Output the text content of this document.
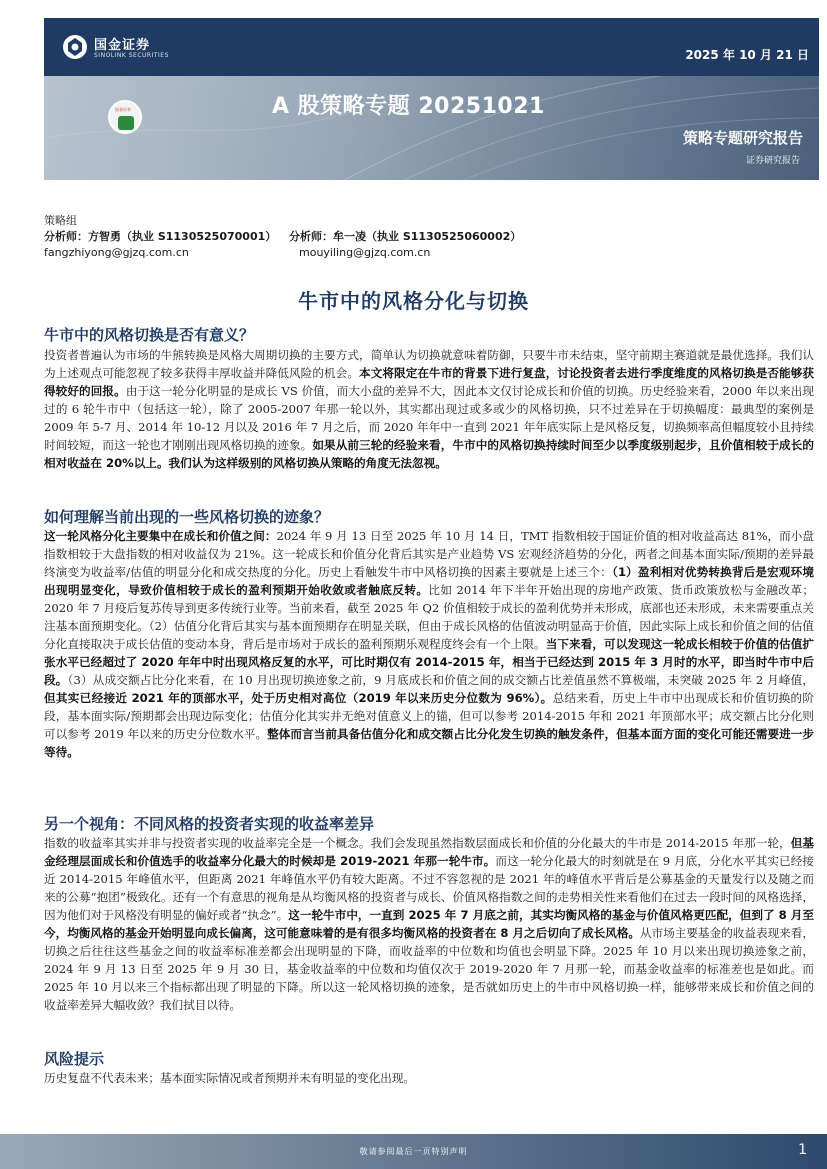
国金证券
SINOLINK SECURITIES	2025 年 10 月 21 日
A 股策略专题 20251021
国金证券
策略专题研究报告
证券研究报告
策略组
分析师：方智勇（执业 S1130525070001） 分析师：牟一凌（执业 S1130525060002）
fangzhiyong@gjzq.com.cn	mouyiling@gjzq.com.cn
牛市中的风格分化与切换
牛市中的风格切换是否有意义？
投资者普遍认为市场的牛熊转换是风格大周期切换的主要方式，简单认为切换就意味着防御，只要牛市未结束，坚守前期主赛道就是最优选择。我们认为上述观点可能忽视了较多获得丰厚收益并降低风险的机会。本文将限定在牛市的背景下进行复盘，讨论投资者去进行季度维度的风格切换是否能够获得较好的回报。由于这一轮分化明显的是成长 VS 价值，而大小盘的差异不大，因此本文仅讨论成长和价值的切换。历史经验来看，2000 年以来出现过的 6 轮牛市中（包括这一轮），除了 2005-2007 年那一轮以外，其实都出现过或多或少的风格切换，只不过差异在于切换幅度：最典型的案例是 2009 年 5-7 月、2014 年 10-12 月以及 2016 年 7 月之后，而 2020 年年中一直到 2021 年年底实际上是风格反复，切换频率高但幅度较小且持续时间较短，而这一轮也才刚刚出现风格切换的迹象。如果从前三轮的经验来看，牛市中的风格切换持续时间至少以季度级别起步，且价值相较于成长的相对收益在 20%以上。我们认为这样级别的风格切换从策略的角度无法忽视。
如何理解当前出现的一些风格切换的迹象？
这一轮风格分化主要集中在成长和价值之间：2024 年 9 月 13 日至 2025 年 10 月 14 日，TMT 指数相较于国证价值的相对收益高达 81%，而小盘指数相较于大盘指数的相对收益仅为 21%。这一轮成长和价值分化背后其实是产业趋势 VS 宏观经济趋势的分化，两者之间基本面实际/预期的差异最终演变为收益率/估值的明显分化和成交热度的分化。历史上看触发牛市中风格切换的因素主要就是上述三个：（1）盈利相对优势转换背后是宏观环境出现明显变化，导致价值相较于成长的盈利预期开始收敛或者触底反转。比如 2014 年下半年开始出现的房地产政策、货币政策放松与金融改革；2020 年 7 月疫后复苏传导到更多传统行业等。当前来看，截至 2025 年 Q2 价值相较于成长的盈利优势并未形成，底部也还未形成，未来需要重点关注基本面预期变化。（2）估值分化背后其实与基本面预期存在明显关联，但由于成长风格的估值波动明显高于价值，因此实际上成长和价值之间的估值分化直接取决于成长估值的变动本身，背后是市场对于成长的盈利预期乐观程度终会有一个上限。当下来看，可以发现这一轮成长相较于价值的估值扩张水平已经超过了 2020 年年中时出现风格反复的水平，可比时期仅有 2014-2015 年，相当于已经达到 2015 年 3 月时的水平，即当时牛市中后段。（3）从成交额占比分化来看，在 10 月出现切换迹象之前，9 月底成长和价值之间的成交额占比差值虽然不算极端，未突破 2025 年 2 月峰值，但其实已经接近 2021 年的顶部水平，处于历史相对高位（2019 年以来历史分位数为 96%）。总结来看，历史上牛市中出现成长和价值切换的阶段，基本面实际/预期都会出现边际变化；估值分化其实并无绝对值意义上的锚，但可以参考 2014-2015 年和 2021 年顶部水平；成交额占比分化则可以参考 2019 年以来的历史分位数水平。整体而言当前具备估值分化和成交额占比分化发生切换的触发条件，但基本面方面的变化可能还需要进一步等待。
另一个视角：不同风格的投资者实现的收益率差异
指数的收益率其实并非与投资者实现的收益率完全是一个概念。我们会发现虽然指数层面成长和价值的分化最大的牛市是 2014-2015 年那一轮，但基金经理层面成长和价值选手的收益率分化最大的时候却是 2019-2021 年那一轮牛市。而这一轮分化最大的时刻就是在 9 月底，分化水平其实已经接近 2014-2015 年峰值水平，但距离 2021 年峰值水平仍有较大距离。不过不容忽视的是 2021 年的峰值水平背后是公募基金的天量发行以及随之而来的公募“抱团”极致化。还有一个有意思的视角是从均衡风格的投资者与成长、价值风格指数之间的走势相关性来看他们在过去一段时间的风格选择，因为他们对于风格没有明显的偏好或者“执念”。这一轮牛市中，一直到 2025 年 7 月底之前，其实均衡风格的基金与价值风格更匹配，但到了 8 月至今，均衡风格的基金开始明显向成长偏离，这可能意味着的是有很多均衡风格的投资者在 8 月之后切向了成长风格。从市场主要基金的收益表现来看，切换之后往往这些基金之间的收益率标准差都会出现明显的下降，而收益率的中位数和均值也会明显下降。2025 年 10 月以来出现切换迹象之前，2024 年 9 月 13 日至 2025 年 9 月 30 日，基金收益率的中位数和均值仅次于 2019-2020 年 7 月那一轮，而基金收益率的标准差也是如此。而 2025 年 10 月以来三个指标都出现了明显的下降。所以这一轮风格切换的迹象，是否就如历史上的牛市中风格切换一样，能够带来成长和价值之间的收益率差异大幅收敛？我们拭目以待。
风险提示
历史复盘不代表未来；基本面实际情况或者预期并未有明显的变化出现。
敬请参阅最后一页特别声明	1
